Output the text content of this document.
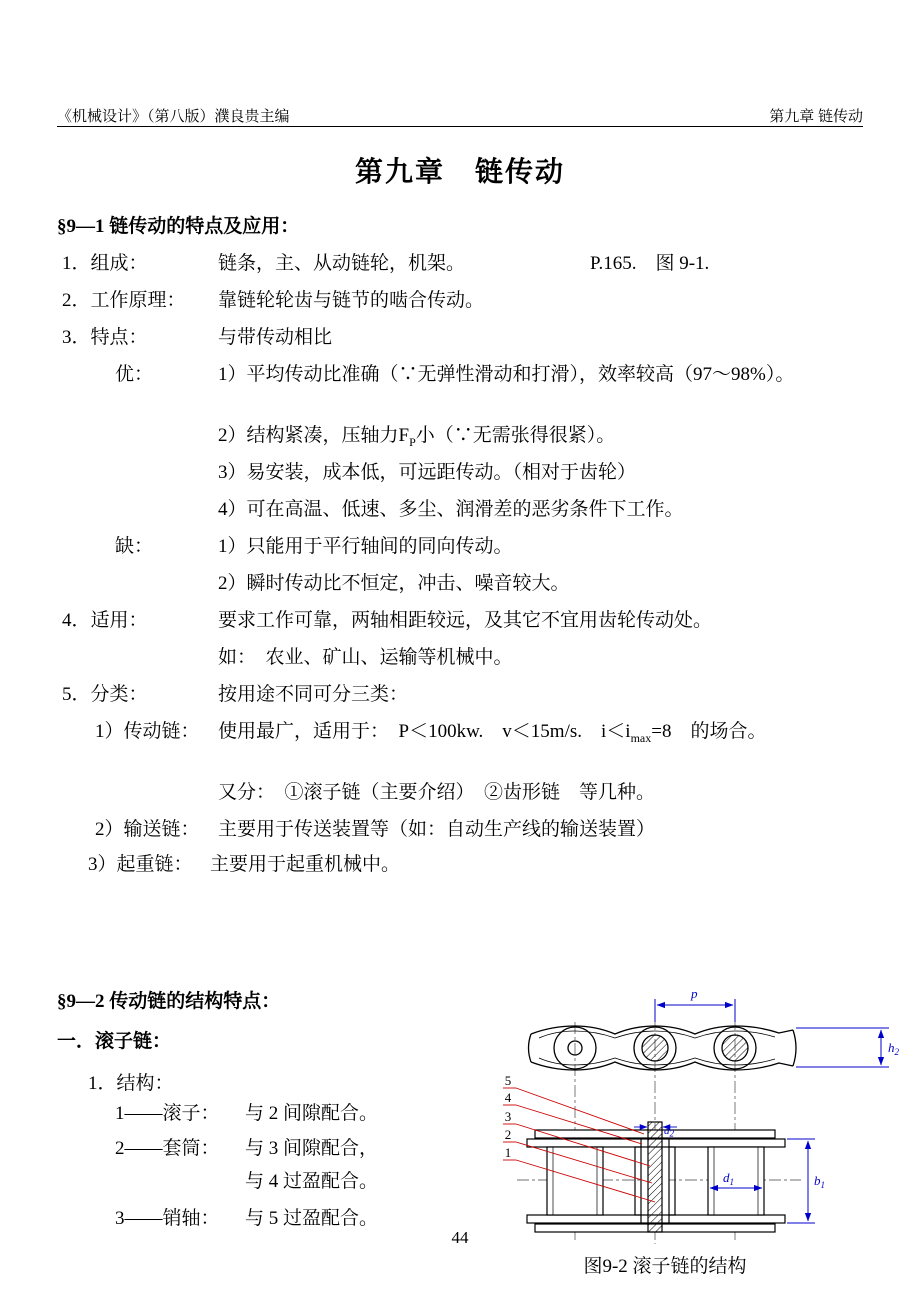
《机械设计》（第八版）濮良贵主编	第九章 链传动
第九章　链传动
§9—1 链传动的特点及应用：
1．组成：	链条，主、从动链轮，机架。	P.165.　图 9-1.
2．工作原理： 靠链轮轮齿与链节的啮合传动。
3．特点：	与带传动相比
优：	1）平均传动比准确（∵无弹性滑动和打滑），效率较高（97～98%）。
2）结构紧凑，压轴力$F_P$小（∵无需张得很紧）。
3）易安装，成本低，可远距传动。（相对于齿轮）
4）可在高温、低速、多尘、润滑差的恶劣条件下工作。
缺：	1）只能用于平行轴间的同向传动。
2）瞬时传动比不恒定，冲击、噪音较大。
4．适用：	要求工作可靠，两轴相距较远，及其它不宜用齿轮传动处。
如：　农业、矿山、运输等机械中。
5．分类：	按用途不同可分三类：
1）传动链： 使用最广，适用于：　P＜100kw.　v＜15m/s.　$i<i_{max}=8$　的场合。
又分：　①滚子链（主要介绍）　②齿形链　等几种。
2）输送链： 主要用于传送装置等（如：自动生产线的输送装置）
3）起重链： 主要用于起重机械中。
§9—2 传动链的结构特点：
一．滚子链：
1．结构：
1——滚子： 与 2 间隙配合。
2——套筒： 与 3 间隙配合，
与 4 过盈配合。
3——销轴： 与 5 过盈配合。
p
$h_2$
$d_2$
$d_1$	$b_1$
5
4
3
2
1
图9-2 滚子链的结构
44
